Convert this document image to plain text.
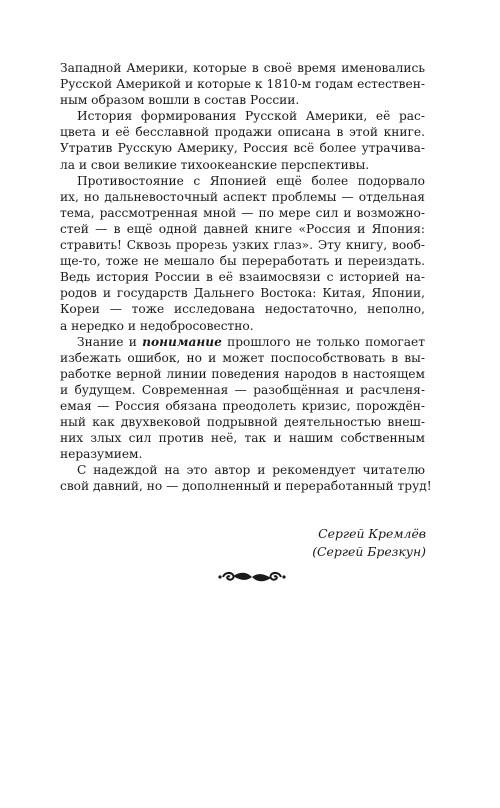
Западной Америки, которые в своё время именовались
Русской Америкой и которые к 1810-м годам естествен-
ным образом вошли в состав России.

История формирования Русской Америки, её рас-
цвета и её бесславной продажи описана в этой книге.
Утратив Русскую Америку, Россия всё более утрачива-
ла и свои великие тихоокеанские перспективы.

Противостояние с Японией ещё более подорвало
их, но дальневосточный аспект проблемы — отдельная
тема, рассмотренная мной — по мере сил и возможно-
стей — в ещё одной давней книге «Россия и Япония:
стравить! Сквозь прорезь узких глаз». Эту книгу, вооб-
ще-то, тоже не мешало бы переработать и переиздать.
Ведь история России в её взаимосвязи с историей на-
родов и государств Дальнего Востока: Китая, Японии,
Кореи — тоже исследована недостаточно, неполно,
а нередко и недобросовестно.

Знание и понимание прошлого не только помогает
избежать ошибок, но и может поспособствовать в вы-
работке верной линии поведения народов в настоящем
и будущем. Современная — разобщённая и расчленя-
емая — Россия обязана преодолеть кризис, порождён-
ный как двухвековой подрывной деятельностью внеш-
них злых сил против неё, так и нашим собственным
неразумием.

С надеждой на это автор и рекомендует читателю
свой давний, но — дополненный и переработанный труд!

Сергей Кремлёв
(Сергей Брезкун)
